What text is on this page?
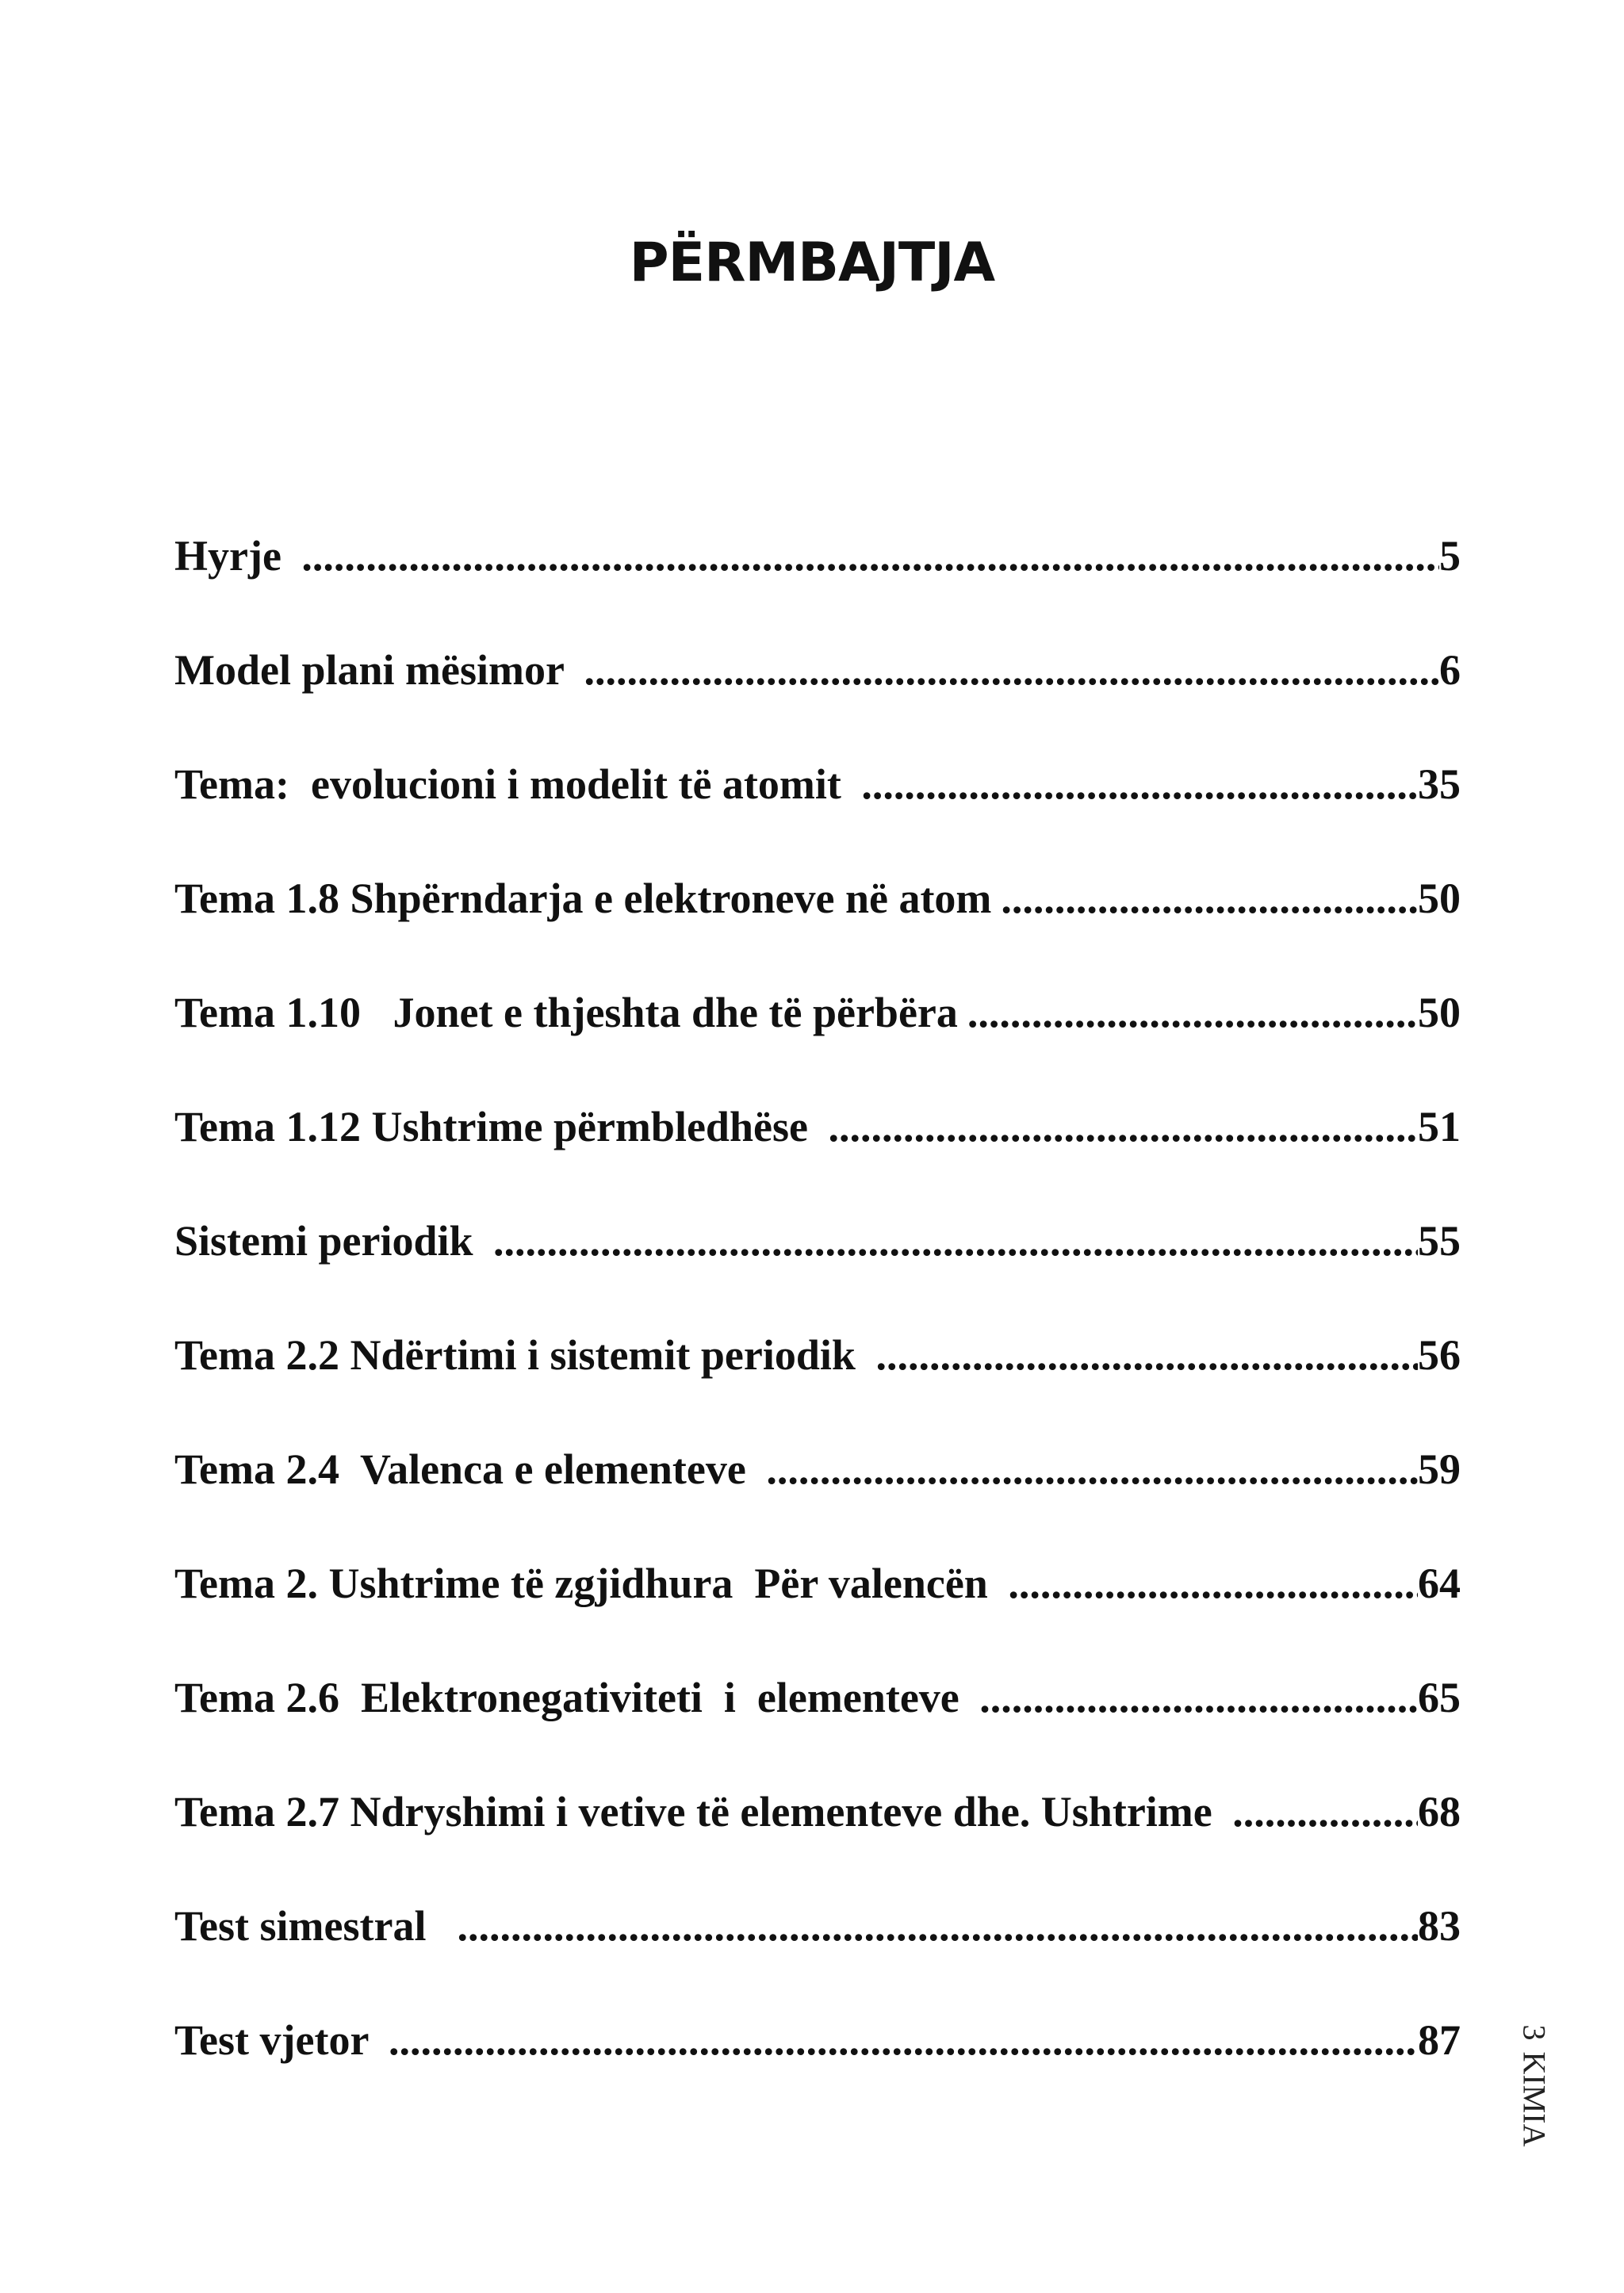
PËRMBAJTJA
Hyrje .....	5
Model plani mësimor .....	6
Tema:  evolucioni i modelit të atomit .....	35
Tema 1.8 Shpërndarja e elektroneve në atom .....	50
Tema 1.10   Jonet e thjeshta dhe të përbëra .....	50
Tema 1.12 Ushtrime përmbledhëse .....	51
Sistemi periodik .....	55
Tema 2.2 Ndërtimi i sistemit periodik .....	56
Tema 2.4  Valenca e elementeve .....	59
Tema 2. Ushtrime të zgjidhura  Për valencën .....	64
Tema 2.6  Elektronegativiteti  i  elementeve .....	65
Tema 2.7 Ndryshimi i vetive të elementeve dhe. Ushtrime .....	68
Test simestral .....	83
Test vjetor .....	87 3
KIMIA
